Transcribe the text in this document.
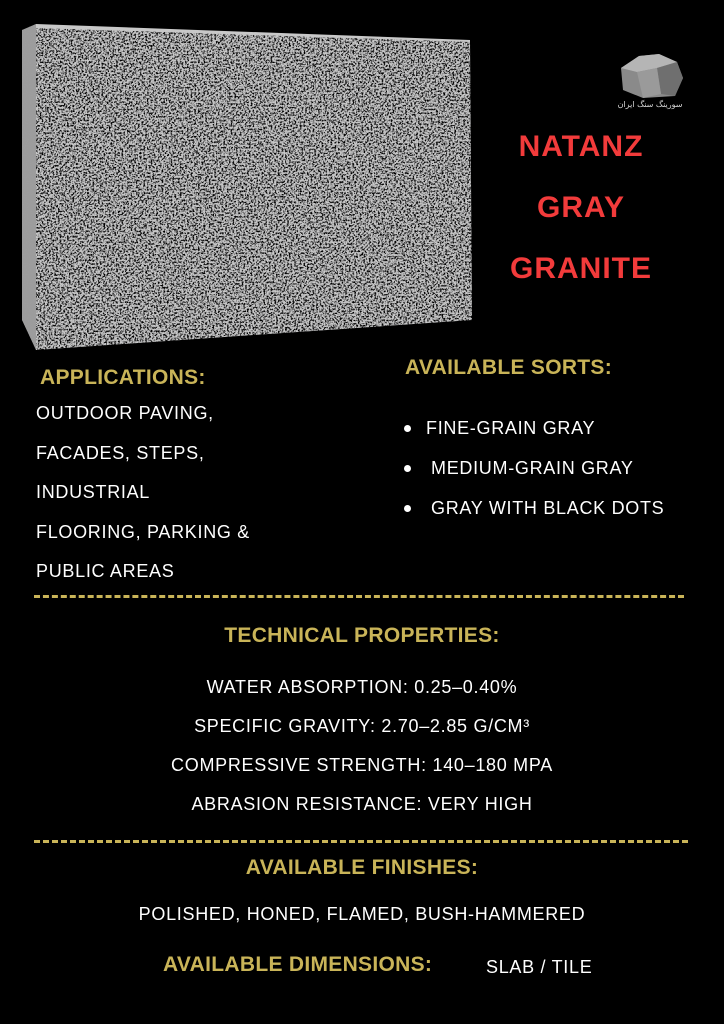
سورینگ سنگ ایران
NATANZ
GRAY
GRANITE
APPLICATIONS:
OUTDOOR PAVING,
FACADES, STEPS,
INDUSTRIAL
FLOORING, PARKING &
PUBLIC AREAS
AVAILABLE SORTS:
FINE-GRAIN GRAY
MEDIUM-GRAIN GRAY
GRAY WITH BLACK DOTS
TECHNICAL PROPERTIES:
WATER ABSORPTION: 0.25–0.40%
SPECIFIC GRAVITY: 2.70–2.85 G/CM³
COMPRESSIVE STRENGTH: 140–180 MPA
ABRASION RESISTANCE: VERY HIGH
AVAILABLE FINISHES:
POLISHED, HONED, FLAMED, BUSH-HAMMERED
AVAILABLE DIMENSIONS:	SLAB / TILE
